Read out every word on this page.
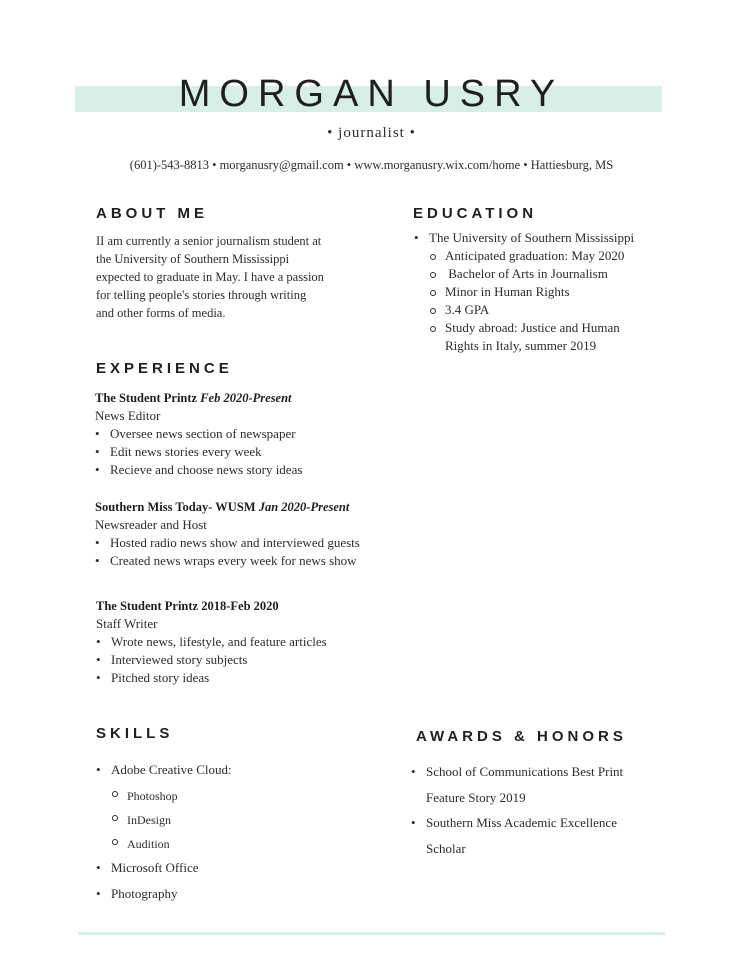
MORGAN USRY
• journalist •
(601)-543-8813 • morganusry@gmail.com • www.morganusry.wix.com/home • Hattiesburg, MS
ABOUT ME

II am currently a senior journalism student at

the University of Southern Mississippi

expected to graduate in May. I have a passion

for telling people's stories through writing

and other forms of media.

EDUCATION
• The University of Southern Mississippi
Anticipated graduation: May 2020
Bachelor of Arts in Journalism
Minor in Human Rights
3.4 GPA
Study abroad: Justice and Human
Rights in Italy, summer 2019
EXPERIENCE
The Student Printz Feb 2020-Present
News Editor
• Oversee news section of newspaper
• Edit news stories every week
• Recieve and choose news story ideas
Southern Miss Today- WUSM Jan 2020-Present
Newsreader and Host
• Hosted radio news show and interviewed guests
• Created news wraps every week for news show
The Student Printz 2018-Feb 2020
Staff Writer
• Wrote news, lifestyle, and feature articles
• Interviewed story subjects
• Pitched story ideas
SKILLS
• Adobe Creative Cloud:
Photoshop
InDesign
Audition
• Microsoft Office
• Photography
AWARDS & HONORS
• School of Communications Best Print
Feature Story 2019
• Southern Miss Academic Excellence
Scholar
